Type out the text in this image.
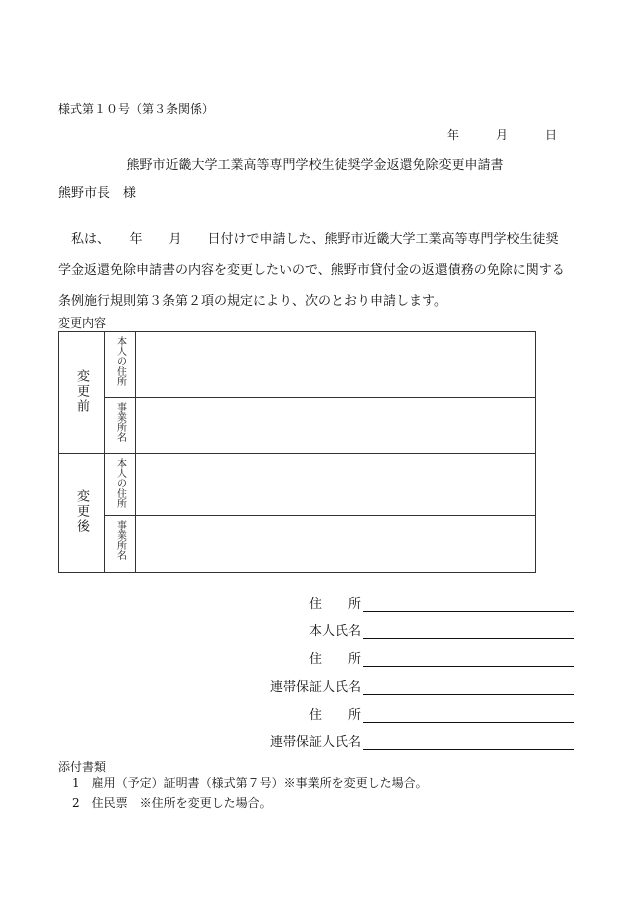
様式第１０号（第３条関係）
年	月	日
熊野市近畿大学工業高等専門学校生徒奨学金返還免除変更申請書
熊野市長　様
私は、　　年　　月　　日付けで申請した、熊野市近畿大学工業高等専門学校生徒奨
学金返還免除申請書の内容を変更したいので、熊野市貸付金の返還債務の免除に関する
条例施行規則第３条第２項の規定により、次のとおり申請します。
変更内容
変更前	本人の住所	
	事業所名	
変更後	本人の住所	
	事業所名	
住　　所
本人氏名
住　　所
連帯保証人氏名
住　　所
連帯保証人氏名
添付書類
1　雇用（予定）証明書（様式第７号）※事業所を変更した場合。
2　住民票　※住所を変更した場合。
